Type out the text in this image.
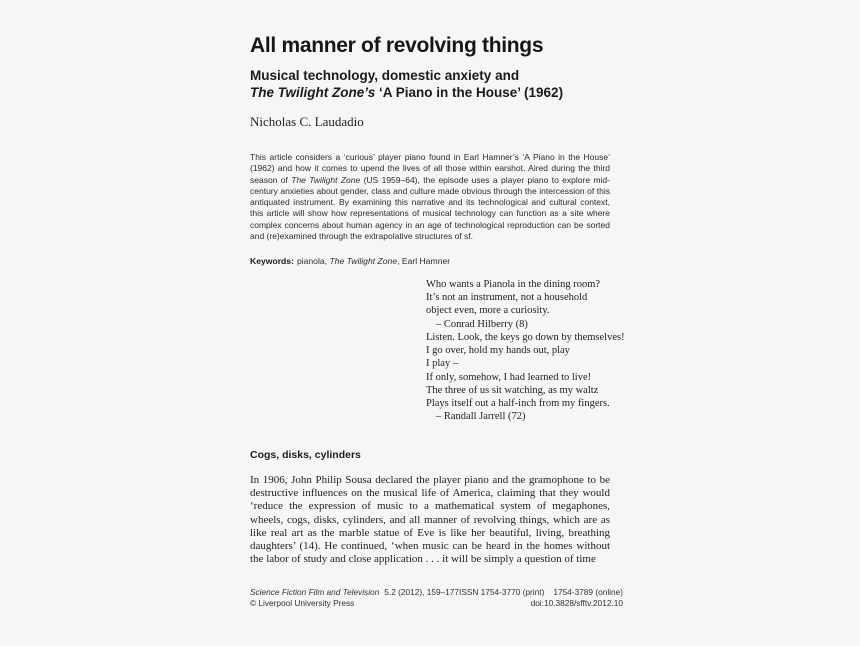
All manner of revolving things
Musical technology, domestic anxiety and
The Twilight Zone’s ‘A Piano in the House’ (1962)
Nicholas C. Laudadio

This article considers a ‘curious’ player piano found in Earl Hamner’s ‘A Piano in the House’ (1962) and how it comes to upend the lives of all those within earshot. Aired during the third season of The Twilight Zone (US 1959–64), the episode uses a player piano to explore mid-century anxieties about gender, class and culture made obvious through the intercession of this antiquated instrument. By examining this narrative and its technological and cultural context, this article will show how representations of musical technology can function as a site where complex concerns about human agency in an age of technological reproduction can be sorted and (re)examined through the extrapolative structures of sf.

Keywords: pianola, The Twilight Zone, Earl Hamner
Who wants a Pianola in the dining room?
It’s not an instrument, not a household
object even, more a curiosity.
– Conrad Hilberry (8)
Listen. Look, the keys go down by themselves!
I go over, hold my hands out, play
I play –
If only, somehow, I had learned to live!
The three of us sit watching, as my waltz
Plays itself out a half-inch from my fingers.
– Randall Jarrell (72)
Cogs, disks, cylinders

In 1906, John Philip Sousa declared the player piano and the gramophone to be destructive influences on the musical life of America, claiming that they would ‘reduce the expression of music to a mathematical system of megaphones, wheels, cogs, disks, cylinders, and all manner of revolving things, which are as like real art as the marble statue of Eve is like her beautiful, living, breathing daughters’ (14). He continued, ‘when music can be heard in the homes without the labor of study and close application . . . it will be simply a question of time

Science Fiction Film and Television 5.2 (2012), 159–177
© Liverpool University Press
ISSN 1754-3770 (print) 1754-3789 (online)
doi:10.3828/sfftv.2012.10
